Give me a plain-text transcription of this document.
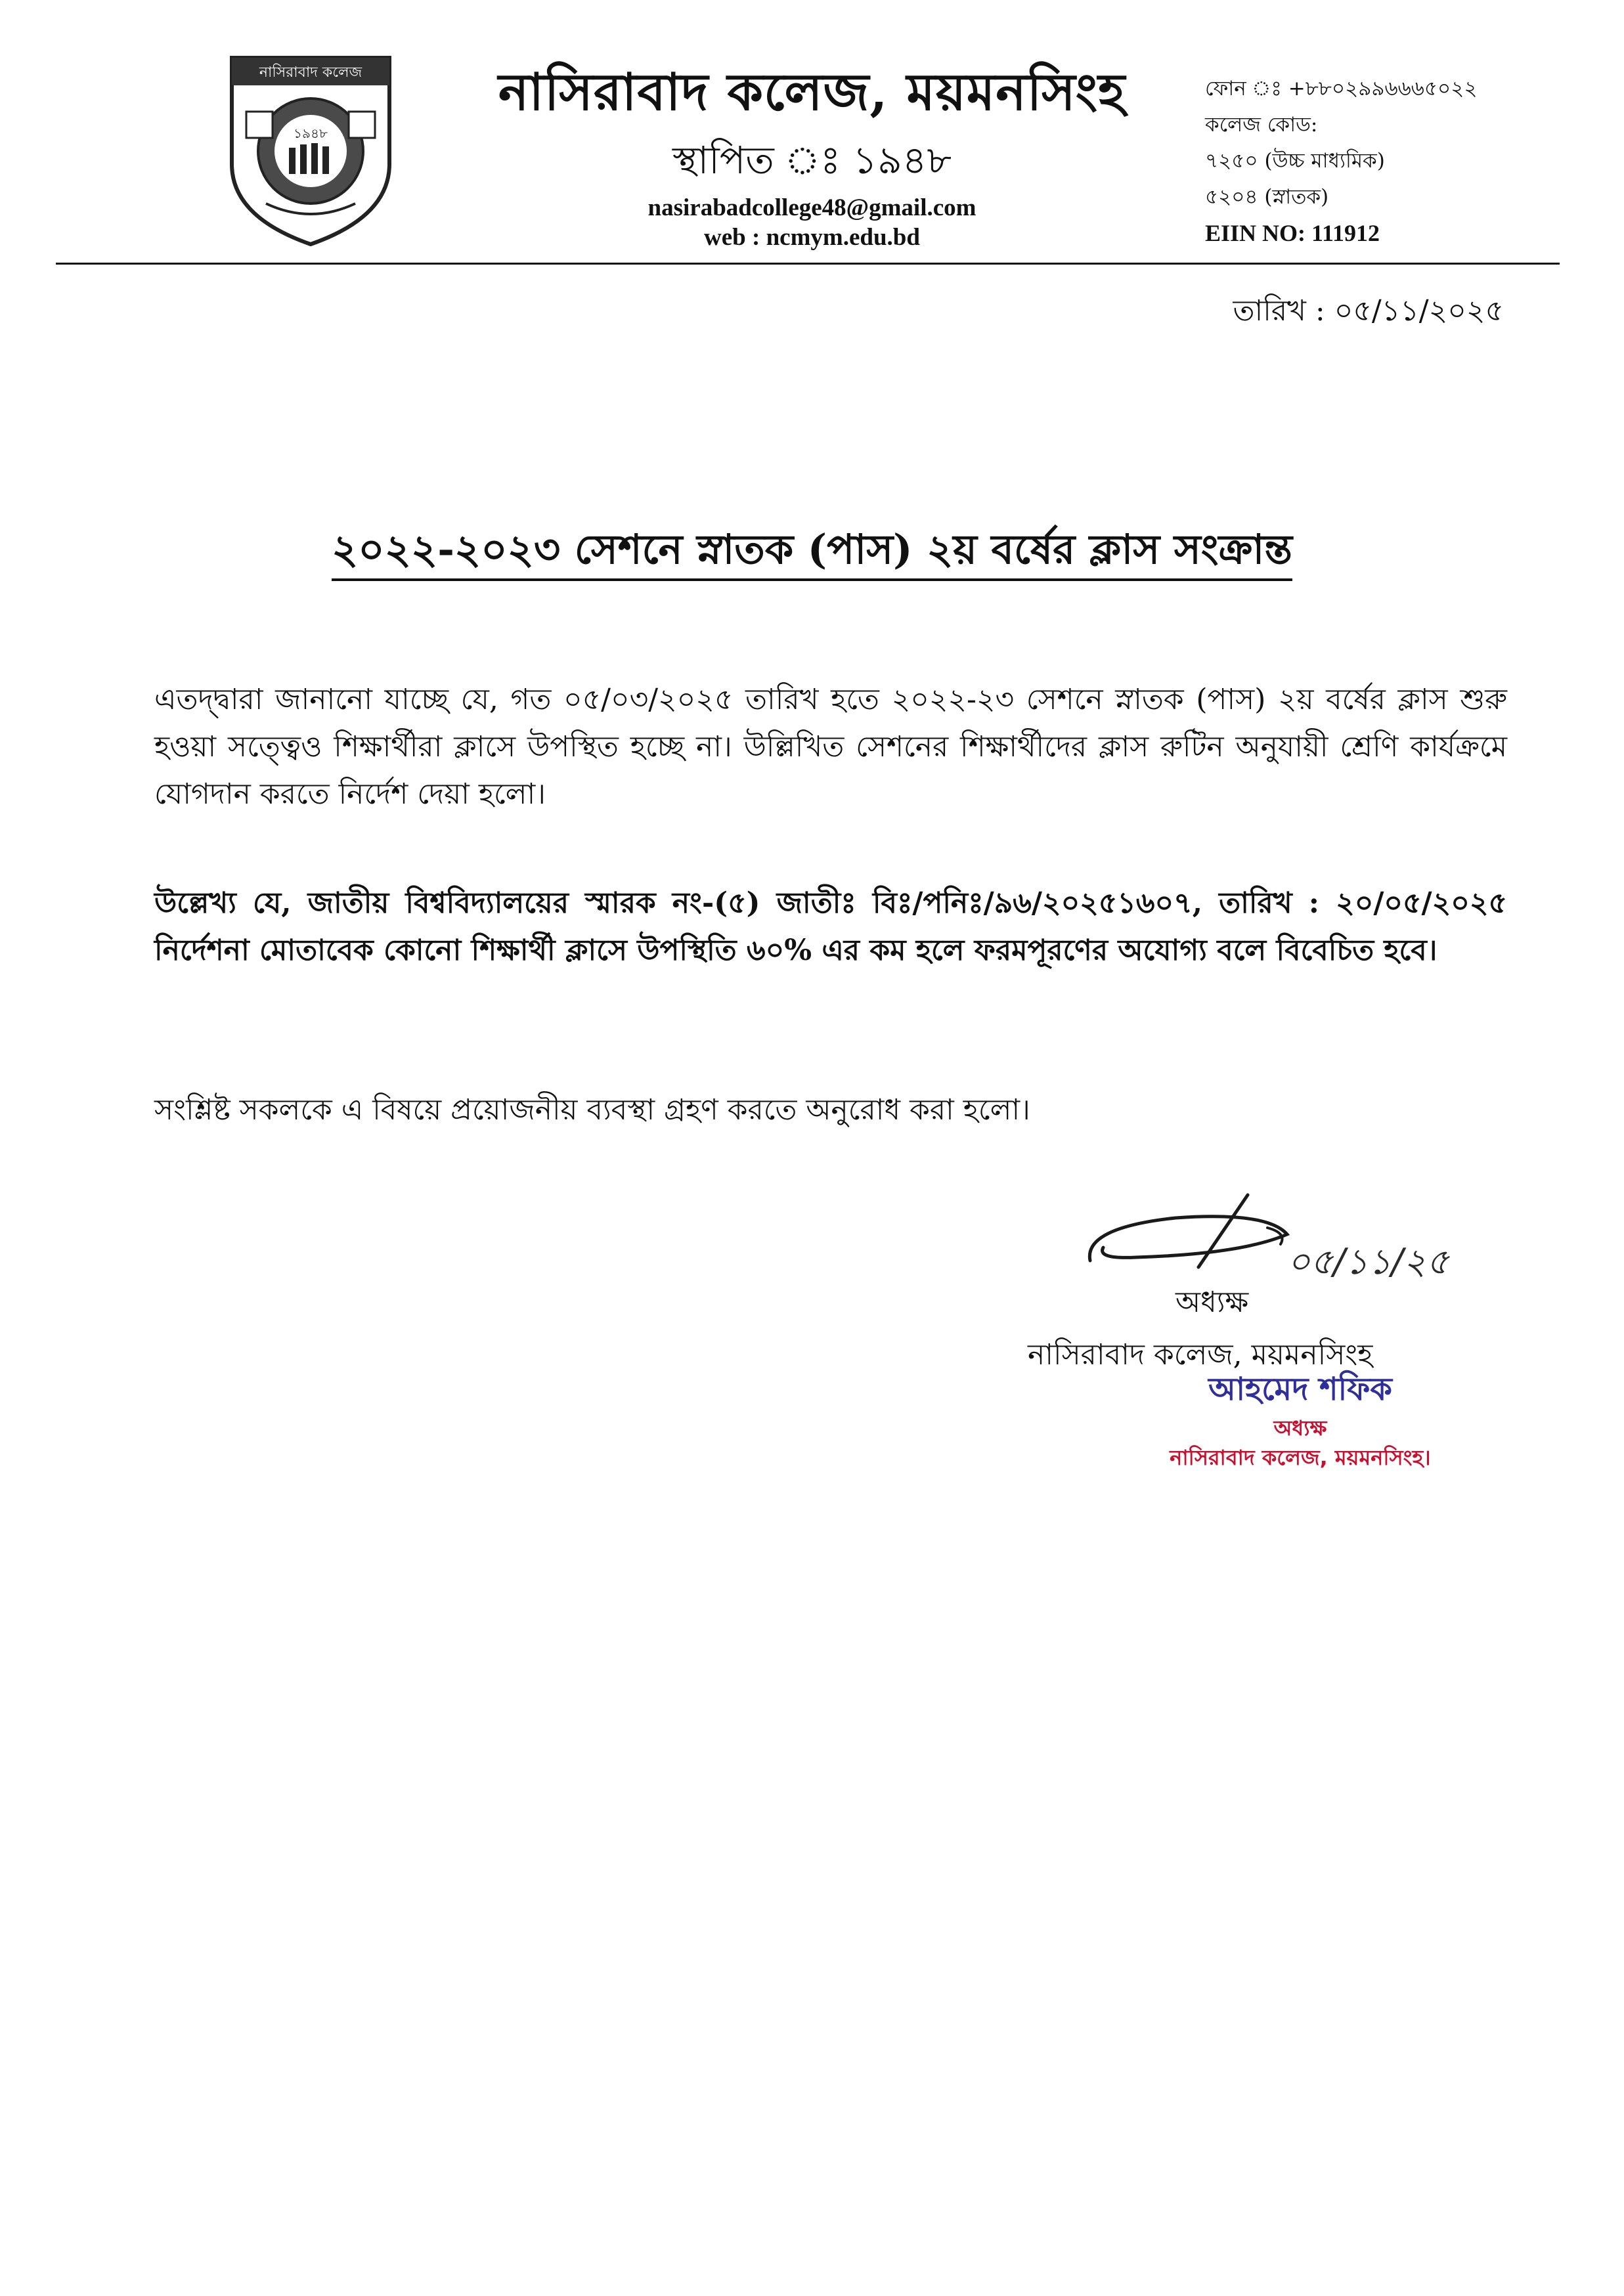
নাসিরাবাদ কলেজ
১৯৪৮
নাসিরাবাদ কলেজ, ময়মনসিংহ
স্থাপিত ঃ ১৯৪৮
nasirabadcollege48@gmail.com
web : ncmym.edu.bd
ফোন ঃ +৮৮০২৯৯৬৬৬৫০২২
কলেজ কোড:
৭২৫০ (উচ্চ মাধ্যমিক)
৫২০৪ (স্নাতক)
EIIN NO: 111912
তারিখ : ০৫/১১/২০২৫
২০২২-২০২৩ সেশনে স্নাতক (পাস) ২য় বর্ষের ক্লাস সংক্রান্ত
এতদ্দ্বারা জানানো যাচ্ছে যে, গত ০৫/০৩/২০২৫ তারিখ হতে ২০২২-২৩ সেশনে স্নাতক (পাস) ২য় বর্ষের ক্লাস শুরু হওয়া সত্ত্বেও শিক্ষার্থীরা ক্লাসে উপস্থিত হচ্ছে না। উল্লিখিত সেশনের শিক্ষার্থীদের ক্লাস রুটিন অনুযায়ী শ্রেণি কার্যক্রমে যোগদান করতে নির্দেশ দেয়া হলো।
উল্লেখ্য যে, জাতীয় বিশ্ববিদ্যালয়ের স্মারক নং-(৫) জাতীঃ বিঃ/পনিঃ/৯৬/২০২৫১৬০৭, তারিখ : ২০/০৫/২০২৫ নির্দেশনা মোতাবেক কোনো শিক্ষার্থী ক্লাসে উপস্থিতি ৬০% এর কম হলে ফরমপূরণের অযোগ্য বলে বিবেচিত হবে।
সংশ্লিষ্ট সকলকে এ বিষয়ে প্রয়োজনীয় ব্যবস্থা গ্রহণ করতে অনুরোধ করা হলো।
০৫/১১/২৫
অধ্যক্ষ
নাসিরাবাদ কলেজ, ময়মনসিংহ
আহমেদ শফিক
অধ্যক্ষ
নাসিরাবাদ কলেজ, ময়মনসিংহ।
